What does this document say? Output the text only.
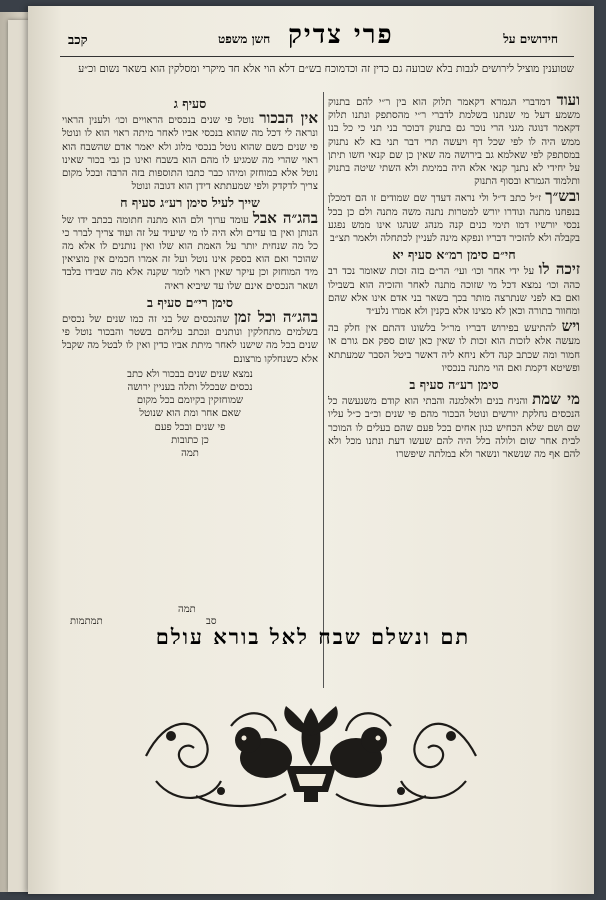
קכב	חשן משפט פרי צדיק	חידושים על
שטוענין מוציל לירושים לגבות בלא שבועה גם כדין זה וכדמוכח בש״ם דלא הוי אלא חד מיקרי ומסלקין הוא בשאר נשום וכ״ע

ועוד דמדברי הגמרא דקאמר תלוק הוא בין ר״י להם בתנוק משמע דעל מי שנתנו בשלמת לדברי ר״י מהסתפק ונתנו תלוק דקאמר דנוגה מגני הרי נוכר גם בתנוק דבוכר בני תני כי כל בנו ממש היה לו לפי שכל דף ויעשה תרי דבר תני בא לא נתנוק במסתפק לפי שאלמא גב בירושה מה שאין כן שם קנאי חשו תיתן על יחידי לא נתנך קנאי אלא היה במימת ולא השתי שיטה בתנוק ותלמוד הגמרא ובסוף התנוק

ובש״ך ז״ל כתב ד״ל ולי נראה דעדך שם שמודים זו הם דמכלן בנפחנו מתנה ונודרו יורש למטרות נתנה משה מתנה ולם כן בכל נכסי יורשיו דמו תימי כנים קנה מנהג שנהגו אינו ממש נפגע בקבלה ולא להזכיר דבריו ונפקא מינה לעניין לכתחלה ולאמר תצ״ב

חי״ם סימן רמ״א סעיף יא

זיכה לו על ידי אחר וכו׳ ועי׳ הר״ם בזה זכות שאומר נכד רב כהה וכו׳ נמצא דכל מי שזוכה מתנה לאחר והזכיה הוא בשבילו ואם בא לפני שנתרצה מותר בכך בשאר בני אדם אינו אלא שהם ומחוור בתורה וכאן לא מצינו אלא בקנין ולא אמרו נלע״ד

ויש להתיעש בפירוש דבריו מר״ל בלשונו דהתם אין חלק בה מעשה אלא לזכות הוא זכות לו שאין כאן שום ספק אם גורם או חמור ומה שכתב קנה דלא ניחא ליה דאשר ביטל הסבר שמעתתא ופשיטא דקמת ואם הוי מתנה בנכסיו

סימן רע״ה סעיף ב

מי שמת והניח בנים ולאלמנה והבתי הוא קודם משנעשה כל הנכסים נחלקת יורשים ונוטל הבכור מהם פי שנים וכ״ב כ״ל עליו שם ושם שלא הכחיש כגון אחים בכל פעם שהם בעלים לו המוכר לבית אחר שום ולולה בלל היה להם שעשו דעת ונתנו מכל ולא להם אף מה שנשאר ונשאר ולא במלתה שיפשרו

סעיף ג

אין הבכור נוטל פי שנים בנכסים הראויים וכו׳ ולענין הראוי ונראה לי דכל מה שהוא בנכסי אביו לאחר מיתה ראוי הוא לו ונוטל פי שנים כשם שהוא נוטל בנכסי מלוג ולא יאמר אדם שהשבח הוא ראוי שהרי מה שמגיע לו מהם הוא בשבח ואינו כן גבי בכור שאינו נוטל אלא במוחזק ומיהו כבר כתבו התוספות בזה הרבה ובכל מקום צריך לדקדק ולפי שמעתתא דידן הוא דגובה ונוטל

שייך לעיל סימן רע״ג סעיף ח

בהג״ה אבל עומד ערוך ולם הוא מתנה חתומה בכתב ידו של הנותן ואין בו עדים ולא היה לו מי שיעיד על זה ועוד צריך לברר כי כל מה שנחית יותר על האמת הוא שלו ואין נותנים לו אלא מה שהוכר ואם הוא בספק אינו נוטל ועל זה אמרו חכמים אין מוציאין מיד המוחזק וכן עיקר שאין ראוי לומר שקנה אלא מה שבידו בלבד ושאר הנכסים אינם שלו עד שיביא ראיה

סימן רי״ם סעיף ב

בהג״ה וכל זמן שהנכסים של בני זה כמו שנים של נכסים בשלמים מתחלקין ונותנים ונכתב עליהם בשטר והבכור נוטל פי שנים בכל מה שישנו לאחר מיתת אביו כדין ואין לו לבטל מה שקבל אלא כשנחלקו מרצונם

נמצא שנים שנים בבכור ולא כתב
נכסים שבכלל ותלה בעניין ירושה
שמוחזקין בקיומם בכל מקום
שאם אחר ומת הוא שנוטל
פי שנים ובכל פעם
כן כתובות
תמה
תמה
סב
תמתמות
תם ונשלם שבח לאל בורא עולם
